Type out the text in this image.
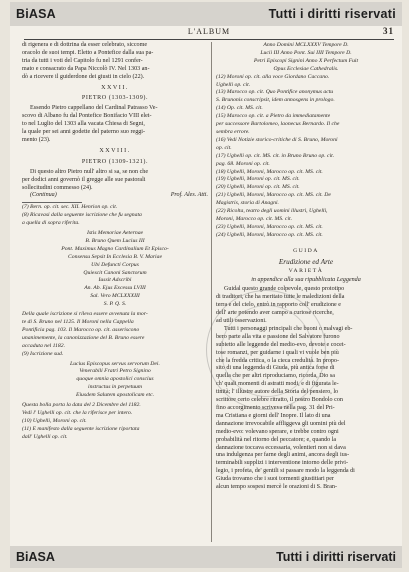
BiASA	Tutti i diritti riservati
L'ALBUM	31

di rigenera e di dottrina da esser celebrato, siccome

oracolo de suoi tempi. Eletto a Pontefice dalla sua pa-

tria da tutti i voti del Capitolo fu nel 1291 confer-

mato e consacrato da Papa Niccolò IV. Nel 1303 an-

dò a ricevere il guiderdone dei giusti in cielo (22).

XXVII.

PIETRO (1303-1309).

Essendo Pietro cappellano del Cardinal Patrasso Ve-

scovo di Albano fu dal Pontefice Bonifacio VIII elet-

to nel Luglio del 1303 alla vacata Chiesa di Segni,

la quale per sei anni godette del paterno suo reggi-

mento (23).

XXVIII.

PIETRO (1309-1321).

Di questo altro Pietro null' altro si sa, se non che

per dodici anni governò il gregge alle sue pastorali

sollecitudini commesso (24).

(Continua)	Prof. Ales. Atti.

(7) Bern. op. cit. sec. XII. Henrion op. cit.

(8) Ricavasi dalla seguente iscrizione che fu segnata

a quella di sopra riferita.

Istis Memoriae Aeternae

B. Bruno Quem Lucius III

Pont. Maximus Magno Cardinalium Et Episco-

Consensu Sepsit In Ecclesia B. V. Mariae

Ubi Defuncti Corpus

Quiescit Canoni Sanctorum

Iussit Adscribi

An. Ab. Ejus Excessu LVIII

Sal. Vero MCLXXXIII

S. P. Q. S.

Della quale iscrizione si rileva essere avvenuta la mor-

te di S. Bruno nel 1125. Il Moroni nella Cappella

Pontificia pag. 103. Il Marocco op. cit. asseriscono

unanimemente, la canonizzazione del B. Bruno essere

accaduta nel 1182.

(9) Iscrizione sud.

Lucius Episcopus servus servorum Dei.

Venerabili Fratri Petro Signino

quoque omnia apostolici conscius

instructus in perpetuum

Eiusdem Salutem apostolicam etc.

Questa bolla porta la data del 2 Dicembre del 1182.

Vedi l' Ughelli op. cit. che la riferisce per intero.

(10) Ughelli, Moroni op. cit.

(11) E manifesto dalla seguente iscrizione riportata

dall' Ughelli op. cit.

Anno Domini MCLXXXV Tempore D.

Lucii III Anno Pont. Sui IIII Tempore D.

Petri Episcopi Signini Anno X Perfectum Fuit

Opus Ecclesiae Cathedralis.

(12) Moroni op. cit. alla voce Giordano Caccano.

Ughelli op. cit.

(13) Marocco op. cit. Quo Pontifice anonymus actu

S. Brunonis conscripsit, idem annosgens in prologo.

(14) Op. cit. MS. cit.

(15) Marocco op. cit. a Pietro da immediatamente

per successore Bartolomeo, laonecus Bernardo. Il che

sembra errore.

(16) Vedi Notizie storico-critiche di S. Bruno, Moroni

op. cit.

(17) Ughelli op. cit. MS. cit. in Bruno Bruno op. cit.

pag. 68. Moroni op. cit.

(18) Ughelli, Moroni, Marocco op. cit. MS. cit.

(19) Ughelli, Moroni op. cit. MS. cit.

(20) Ughelli, Moroni op. cit. MS. cit.

(21) Ughelli, Moroni, Marocco op. cit. MS. cit. De

Magistris, storia di Anagni.

(22) Ricolta, teatro degli uomini illustri, Ughelli,

Moroni, Marocco op. cit. MS. cit.

(23) Ughelli, Moroni, Marocco op. cit. MS. cit.

(24) Ughelli, Moroni, Marocco op. cit. MS. cit.

GUIDA

Erudizione ed Arte

VARIETÀ

in appendice alla sua ripubblicata Leggenda

Guidal questo grande colpevole, questo prototipo

di traditori, che ha meritato tutte le maledizioni della

terra e del cielo, entrò in rapporto coll' erudizione e

dell' arte potendo aver campo a curiose ricerche,

ad utili osservazioni.

Tutti i personaggi principali che buoni o malvagi eb-

bero parte alla vita e passione del Salvatore furono

subietto alle leggende del medio-evo, devote e cocet-

tose romanzi, per guidarne i quali vi vuole ben più

che la fredda critica, o la cieca credulità. In propo-

sito di una leggenda di Giuda, più antica forse di

quella che per altri riproduciamo, ricorda, Dio sa

ch' quali momenti di astratti modi, e di figurata le-

tinità; l' illustre autore della Storia del pensiero, lo

scrittore certo celebre ritratto, il nostro Bondolo con

fino accorgimento scriveva nella pag. 31 del Pri-

ma Cristiana e giorni dell' Inopre. Il lato di una

dannazione irrevocabile affliggeva gli uomini più del

medio-evo: volevano sperare, e trebbe contro ogni

probabilità nel ritorno del peccatore; e, quando la

dannazione toccava eccessaria, volentieri non si dava

una indulgenza per farne degli animi, ancora degli ius-

terminabili supplizi i interventione intorno delle privi-

legio, i profeta, de' gentili si passare modo la leggenda di

Giuda trovamo che i suoi tormenti giustitiari per

alcun tempo sospesi mercè le orazioni di S. Bran-

BiASA	Tutti i diritti riservati
